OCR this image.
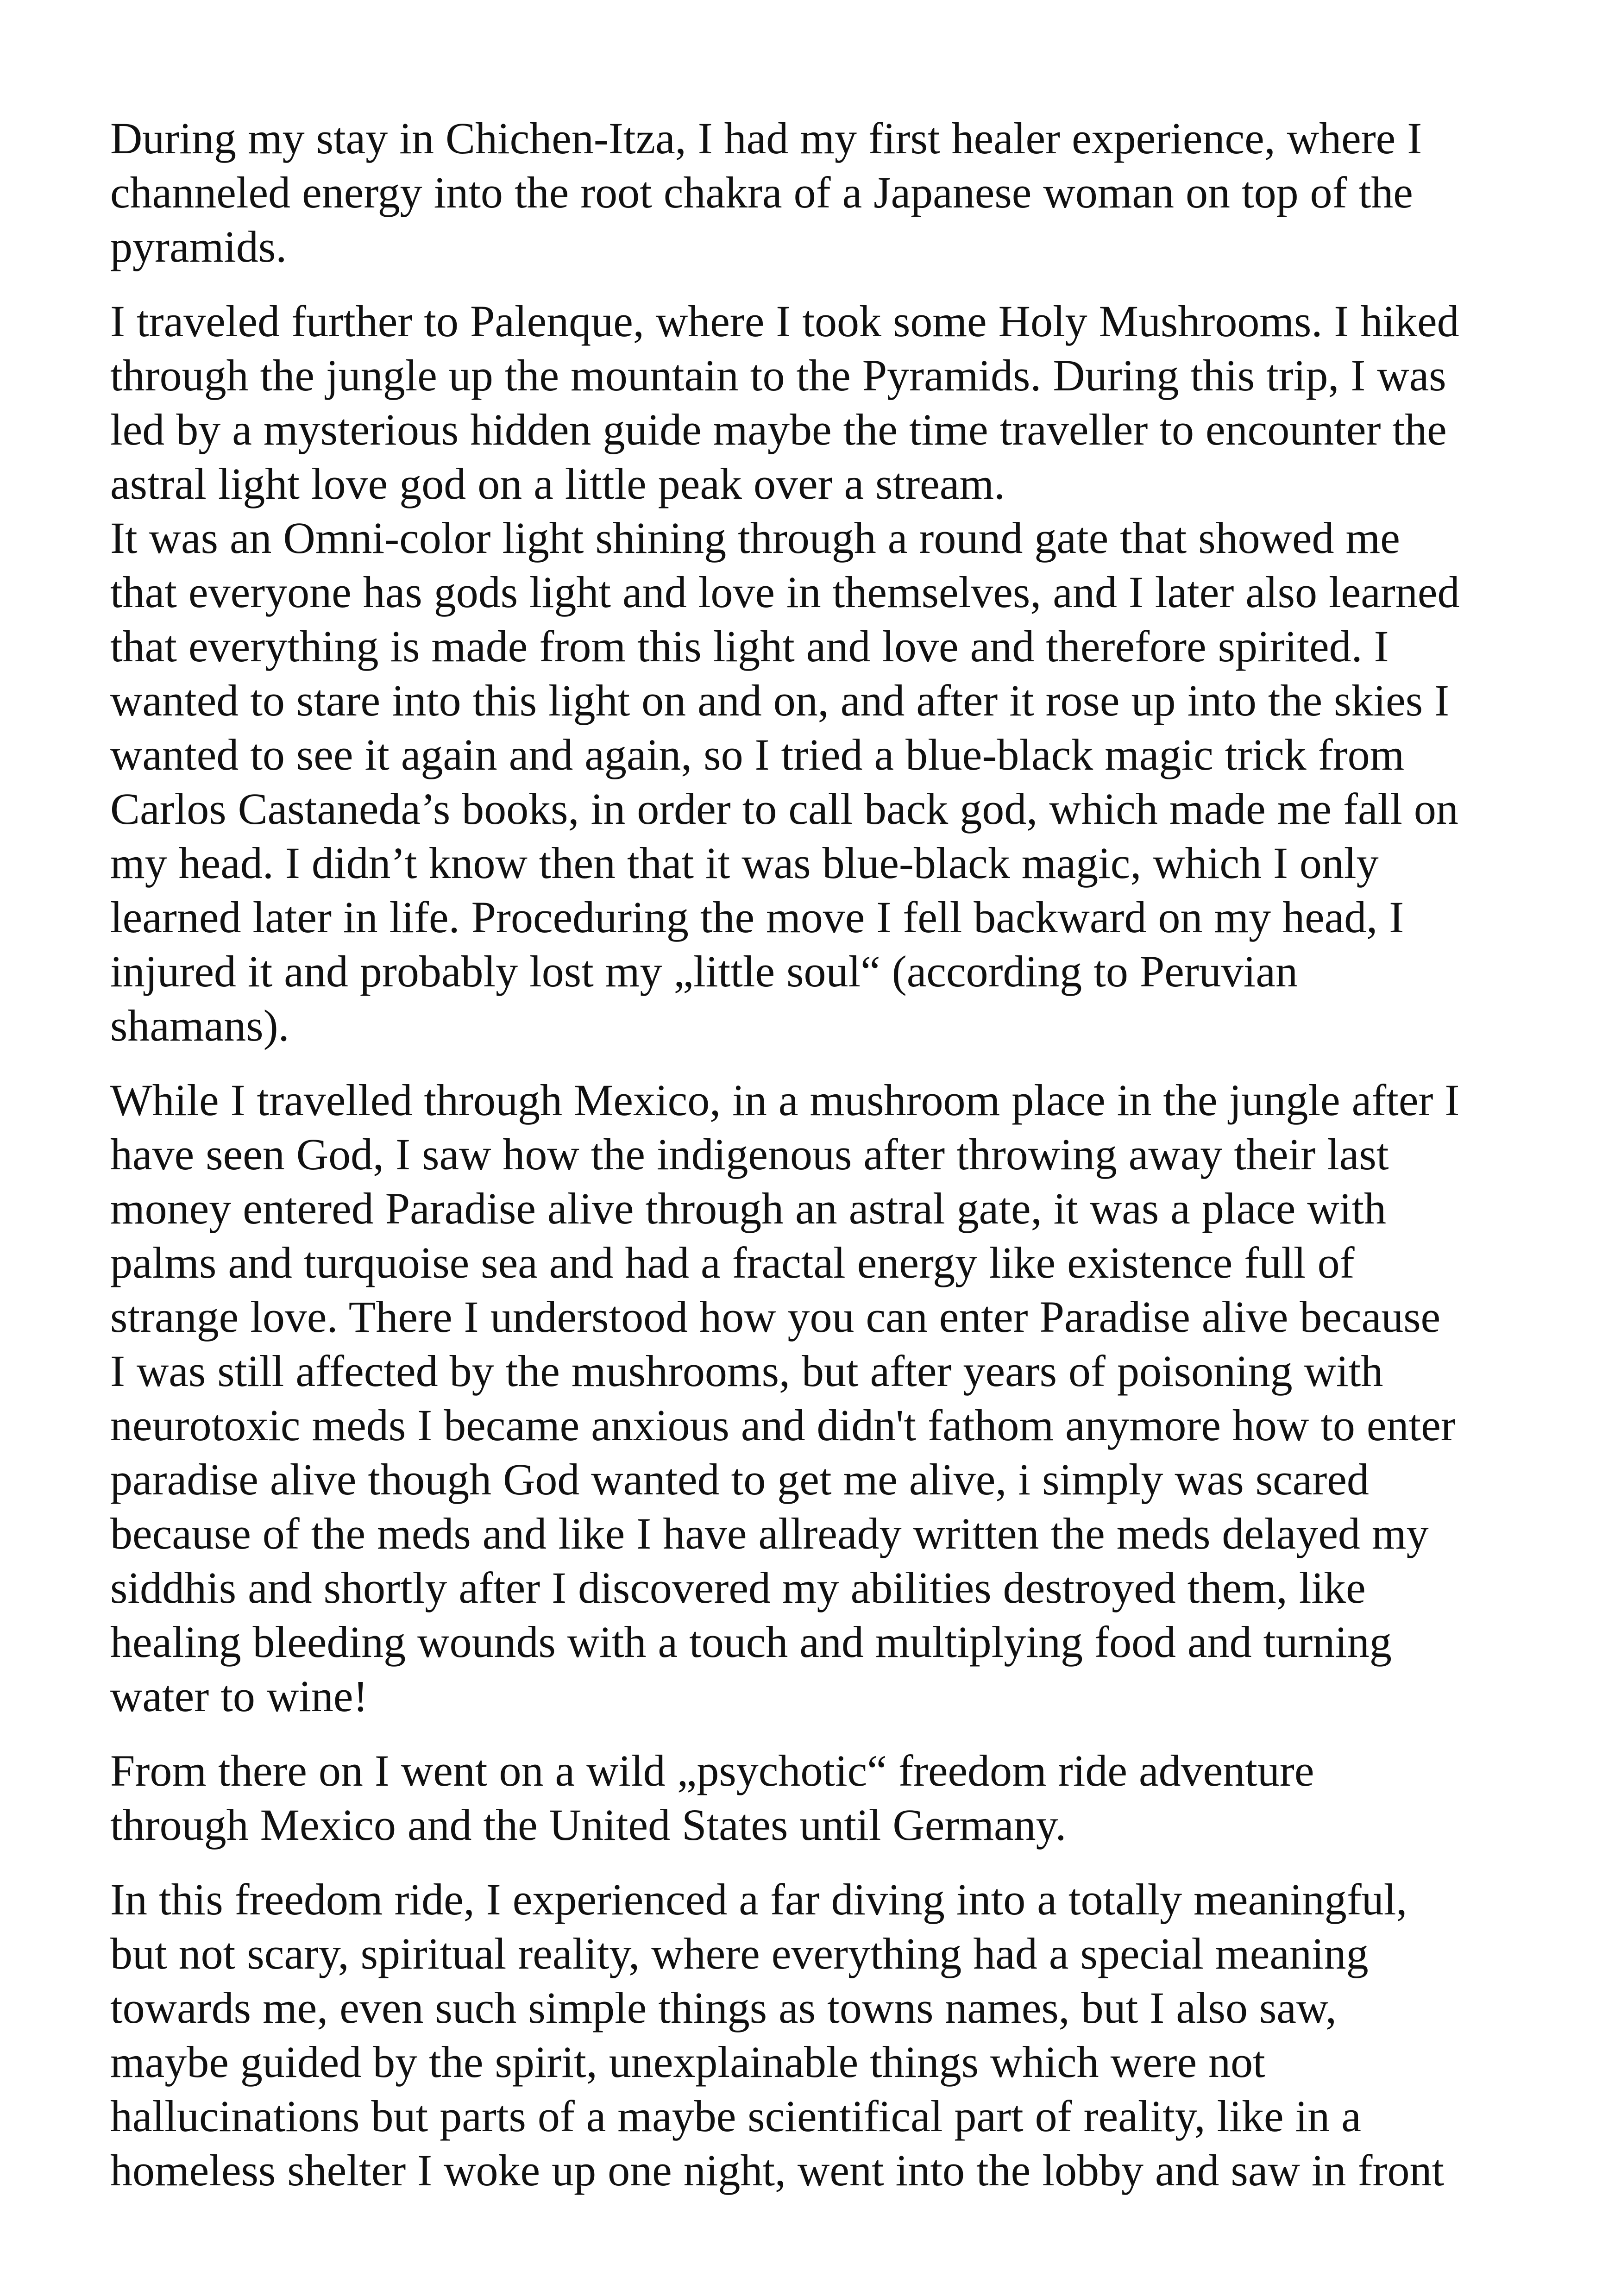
During my stay in Chichen-Itza, I had my first healer experience, where I
channeled energy into the root chakra of a Japanese woman on top of the
pyramids.

I traveled further to Palenque, where I took some Holy Mushrooms. I hiked
through the jungle up the mountain to the Pyramids. During this trip, I was
led by a mysterious hidden guide maybe the time traveller to encounter the
astral light love god on a little peak over a stream.

It was an Omni-color light shining through a round gate that showed me
that everyone has gods light and love in themselves, and I later also learned
that everything is made from this light and love and therefore spirited. I
wanted to stare into this light on and on, and after it rose up into the skies I
wanted to see it again and again, so I tried a blue-black magic trick from
Carlos Castaneda’s books, in order to call back god, which made me fall on
my head. I didn’t know then that it was blue-black magic, which I only
learned later in life. Proceduring the move I fell backward on my head, I
injured it and probably lost my „little soul“ (according to Peruvian
shamans).

While I travelled through Mexico, in a mushroom place in the jungle after I
have seen God, I saw how the indigenous after throwing away their last
money entered Paradise alive through an astral gate, it was a place with
palms and turquoise sea and had a fractal energy like existence full of
strange love. There I understood how you can enter Paradise alive because
I was still affected by the mushrooms, but after years of poisoning with
neurotoxic meds I became anxious and didn't fathom anymore how to enter
paradise alive though God wanted to get me alive, i simply was scared
because of the meds and like I have allready written the meds delayed my
siddhis and shortly after I discovered my abilities destroyed them, like
healing bleeding wounds with a touch and multiplying food and turning
water to wine!

From there on I went on a wild „psychotic“ freedom ride adventure
through Mexico and the United States until Germany.

In this freedom ride, I experienced a far diving into a totally meaningful,
but not scary, spiritual reality, where everything had a special meaning
towards me, even such simple things as towns names, but I also saw,
maybe guided by the spirit, unexplainable things which were not
hallucinations but parts of a maybe scientifical part of reality, like in a
homeless shelter I woke up one night, went into the lobby and saw in front
